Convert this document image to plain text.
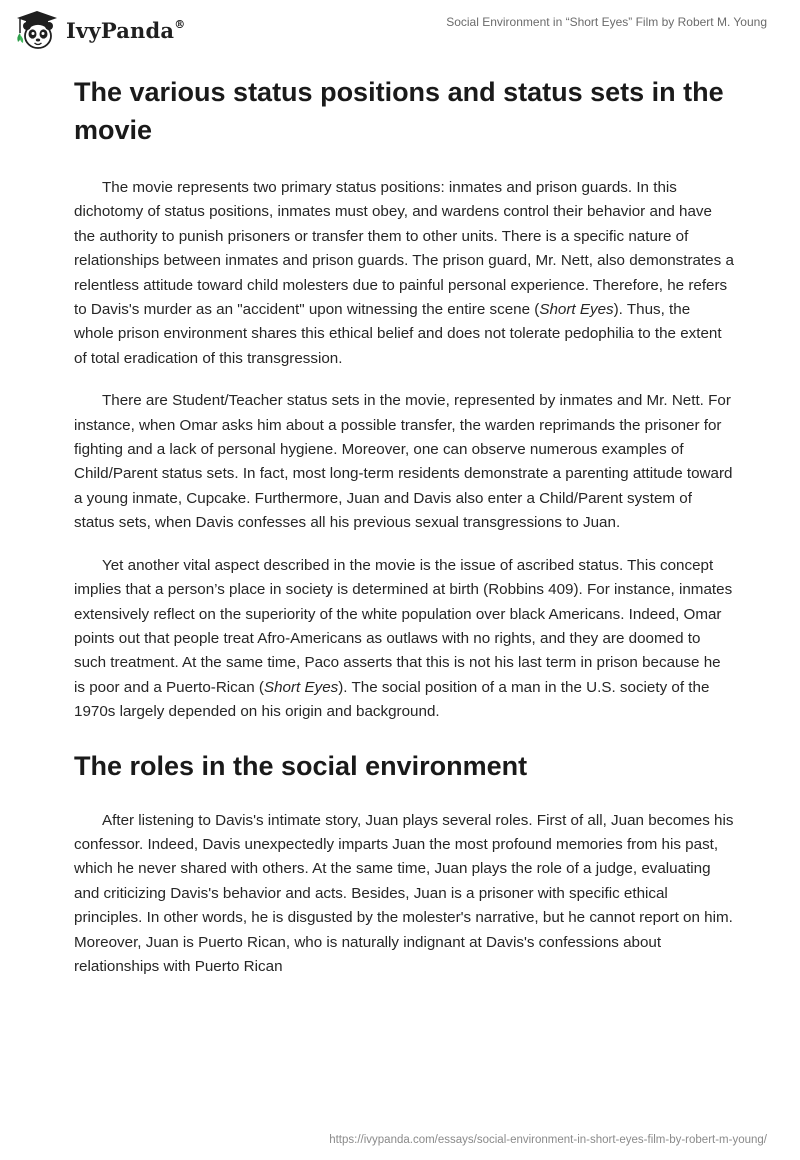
IvyPanda®	Social Environment in “Short Eyes” Film by Robert M. Young
The various status positions and status sets in the movie

The movie represents two primary status positions: inmates and prison guards. In this dichotomy of status positions, inmates must obey, and wardens control their behavior and have the authority to punish prisoners or transfer them to other units. There is a specific nature of relationships between inmates and prison guards. The prison guard, Mr. Nett, also demonstrates a relentless attitude toward child molesters due to painful personal experience. Therefore, he refers to Davis's murder as an "accident" upon witnessing the entire scene (Short Eyes). Thus, the whole prison environment shares this ethical belief and does not tolerate pedophilia to the extent of total eradication of this transgression.

There are Student/Teacher status sets in the movie, represented by inmates and Mr. Nett. For instance, when Omar asks him about a possible transfer, the warden reprimands the prisoner for fighting and a lack of personal hygiene. Moreover, one can observe numerous examples of Child/Parent status sets. In fact, most long-term residents demonstrate a parenting attitude toward a young inmate, Cupcake. Furthermore, Juan and Davis also enter a Child/Parent system of status sets, when Davis confesses all his previous sexual transgressions to Juan.

Yet another vital aspect described in the movie is the issue of ascribed status. This concept implies that a person’s place in society is determined at birth (Robbins 409). For instance, inmates extensively reflect on the superiority of the white population over black Americans. Indeed, Omar points out that people treat Afro-Americans as outlaws with no rights, and they are doomed to such treatment. At the same time, Paco asserts that this is not his last term in prison because he is poor and a Puerto-Rican (Short Eyes). The social position of a man in the U.S. society of the 1970s largely depended on his origin and background.

The roles in the social environment

After listening to Davis's intimate story, Juan plays several roles. First of all, Juan becomes his confessor. Indeed, Davis unexpectedly imparts Juan the most profound memories from his past, which he never shared with others. At the same time, Juan plays the role of a judge, evaluating and criticizing Davis's behavior and acts. Besides, Juan is a prisoner with specific ethical principles. In other words, he is disgusted by the molester's narrative, but he cannot report on him. Moreover, Juan is Puerto Rican, who is naturally indignant at Davis's confessions about relationships with Puerto Rican

https://ivypanda.com/essays/social-environment-in-short-eyes-film-by-robert-m-young/
